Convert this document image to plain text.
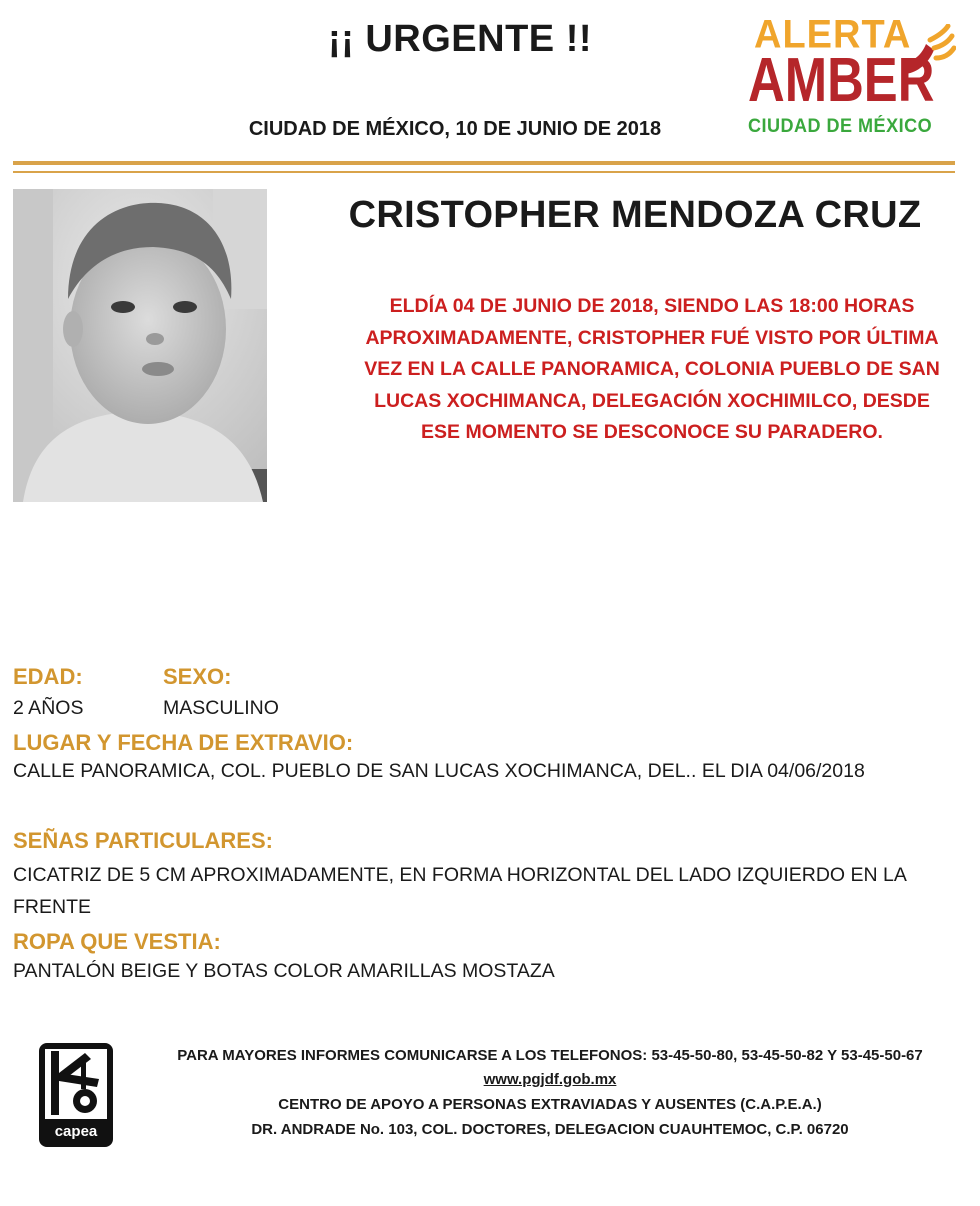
¡¡ URGENTE !!
CIUDAD DE MÉXICO, 10 DE JUNIO DE 2018
ALERTA
AMBER
CIUDAD DE MÉXICO
CRISTOPHER MENDOZA CRUZ
ELDÍA 04 DE JUNIO DE 2018, SIENDO LAS 18:00 HORAS APROXIMADAMENTE, CRISTOPHER FUÉ VISTO POR ÚLTIMA VEZ EN LA CALLE PANORAMICA, COLONIA PUEBLO DE SAN LUCAS XOCHIMANCA, DELEGACIÓN XOCHIMILCO, DESDE ESE MOMENTO SE DESCONOCE SU PARADERO.
EDAD:	SEXO:
2 AÑOS	MASCULINO
LUGAR Y FECHA DE EXTRAVIO:
CALLE PANORAMICA, COL. PUEBLO DE SAN LUCAS XOCHIMANCA, DEL.. EL DIA 04/06/2018
SEÑAS PARTICULARES:
CICATRIZ DE 5 CM APROXIMADAMENTE, EN FORMA HORIZONTAL DEL LADO IZQUIERDO EN LA FRENTE
ROPA QUE VESTIA:
PANTALÓN BEIGE Y BOTAS COLOR AMARILLAS MOSTAZA
capea
PARA MAYORES INFORMES COMUNICARSE A LOS TELEFONOS: 53-45-50-80, 53-45-50-82 Y 53-45-50-67
www.pgjdf.gob.mx
CENTRO DE APOYO A PERSONAS EXTRAVIADAS Y AUSENTES (C.A.P.E.A.)
DR. ANDRADE No. 103, COL. DOCTORES, DELEGACION CUAUHTEMOC, C.P. 06720
